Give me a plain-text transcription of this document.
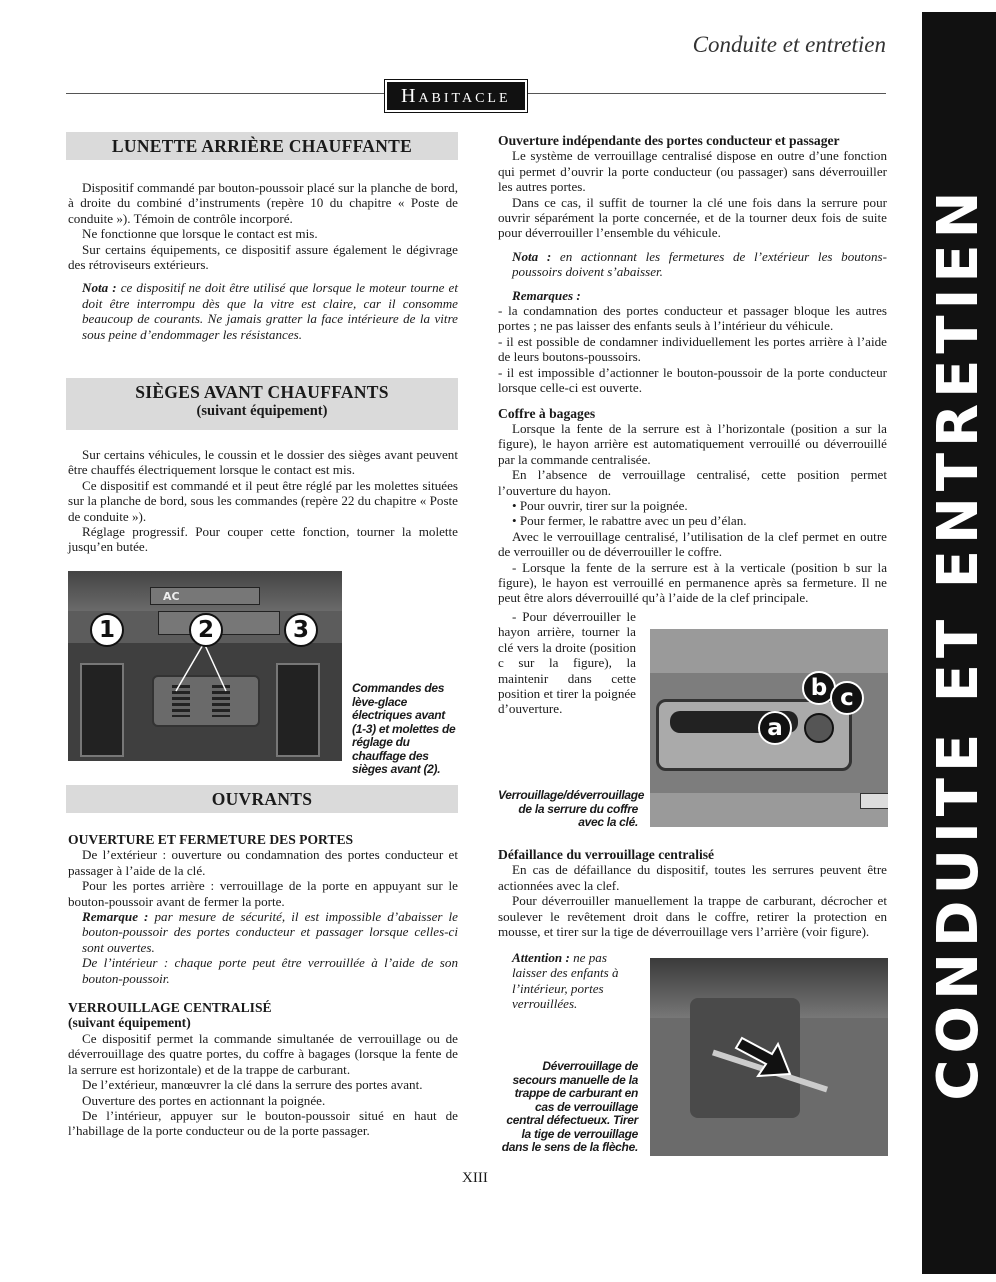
Conduite et entretien
Habitacle
CONDUITE ET ENTRETIEN
LUNETTE ARRIÈRE CHAUFFANTE

Dispositif commandé par bouton-poussoir placé sur la planche de bord, à droite du combiné d’instruments (repère 10 du chapitre « Poste de conduite »). Témoin de contrôle incorporé.

Ne fonctionne que lorsque le contact est mis.

Sur certains équipements, ce dispositif assure également le dégivrage des rétroviseurs extérieurs.

Nota : ce dispositif ne doit être utilisé que lorsque le moteur tourne et doit être interrompu dès que la vitre est claire, car il consomme beaucoup de courants. Ne jamais gratter la face intérieure de la vitre sous peine d’endommager les résistances.

SIÈGES AVANT CHAUFFANTS
(suivant équipement)

Sur certains véhicules, le coussin et le dossier des sièges avant peuvent être chauffés électriquement lorsque le contact est mis.

Ce dispositif est commandé et il peut être réglé par les molettes situées sur la planche de bord, sous les commandes (repère 22 du chapitre « Poste de conduite »).

Réglage progressif. Pour couper cette fonction, tourner la molette jusqu’en butée.

AC
1	2	3
Commandes des lève-glace électriques avant (1-3) et molettes de réglage du chauffage des sièges avant (2).
OUVRANTS

OUVERTURE ET FERMETURE DES PORTES

De l’extérieur : ouverture ou condamnation des portes conducteur et passager à l’aide de la clé.

Pour les portes arrière : verrouillage de la porte en appuyant sur le bouton-poussoir avant de fermer la porte.

Remarque : par mesure de sécurité, il est impossible d’abaisser le bouton-poussoir des portes conducteur et passager lorsque celles-ci sont ouvertes.

De l’intérieur : chaque porte peut être verrouillée à l’aide de son bouton-poussoir.

VERROUILLAGE CENTRALISÉ

(suivant équipement)

Ce dispositif permet la commande simultanée de verrouillage ou de déverrouillage des quatre portes, du coffre à bagages (lorsque la fente de la serrure est horizontale) et de la trappe de carburant.

De l’extérieur, manœuvrer la clé dans la serrure des portes avant.

Ouverture des portes en actionnant la poignée.

De l’intérieur, appuyer sur le bouton-poussoir situé en haut de l’habillage de la porte conducteur ou de la porte passager.

Ouverture indépendante des portes conducteur et passager

Le système de verrouillage centralisé dispose en outre d’une fonction qui permet d’ouvrir la porte conducteur (ou passager) sans déverrouiller les autres portes.

Dans ce cas, il suffit de tourner la clé une fois dans la serrure pour ouvrir séparément la porte concernée, et de la tourner deux fois de suite pour déverrouiller l’ensemble du véhicule.

Nota : en actionnant les fermetures de l’extérieur les boutons-poussoirs doivent s’abaisser.

Remarques :

- la condamnation des portes conducteur et passager bloque les autres portes ; ne pas laisser des enfants seuls à l’intérieur du véhicule.

- il est possible de condamner individuellement les portes arrière à l’aide de leurs boutons-poussoirs.

- il est impossible d’actionner le bouton-poussoir de la porte conducteur lorsque celle-ci est ouverte.

Coffre à bagages

Lorsque la fente de la serrure est à l’horizontale (position a sur la figure), le hayon arrière est automatiquement verrouillé ou déverrouillé par la commande centralisée.

En l’absence de verrouillage centralisé, cette position permet l’ouverture du hayon.

• Pour ouvrir, tirer sur la poignée.

• Pour fermer, le rabattre avec un peu d’élan.

Avec le verrouillage centralisé, l’utilisation de la clef permet en outre de verrouiller ou de déverrouiller le coffre.

- Lorsque la fente de la serrure est à la verticale (position b sur la figure), le hayon est verrouillé en permanence après sa fermeture. Il ne peut être alors déverrouillé qu’à l’aide de la clef principale.

- Pour déverrouiller le hayon arrière, tourner la clé vers la droite (position c sur la figure), la maintenir dans cette position et tirer la poignée d’ouverture.

a
b c
Verrouillage/déverrouillage de la serrure du coffre avec la clé.

Défaillance du verrouillage centralisé

En cas de défaillance du dispositif, toutes les serrures peuvent être actionnées avec la clef.

Pour déverrouiller manuellement la trappe de carburant, décrocher et soulever le revêtement droit dans le coffre, retirer la protection en mousse, et tirer sur la tige de déverrouillage vers l’arrière (voir figure).

Attention : ne pas laisser des enfants à l’intérieur, portes verrouillées.

Déverrouillage de secours manuelle de la trappe de carburant en cas de verrouillage central défectueux. Tirer la tige de verrouillage dans le sens de la flèche.
XIII
